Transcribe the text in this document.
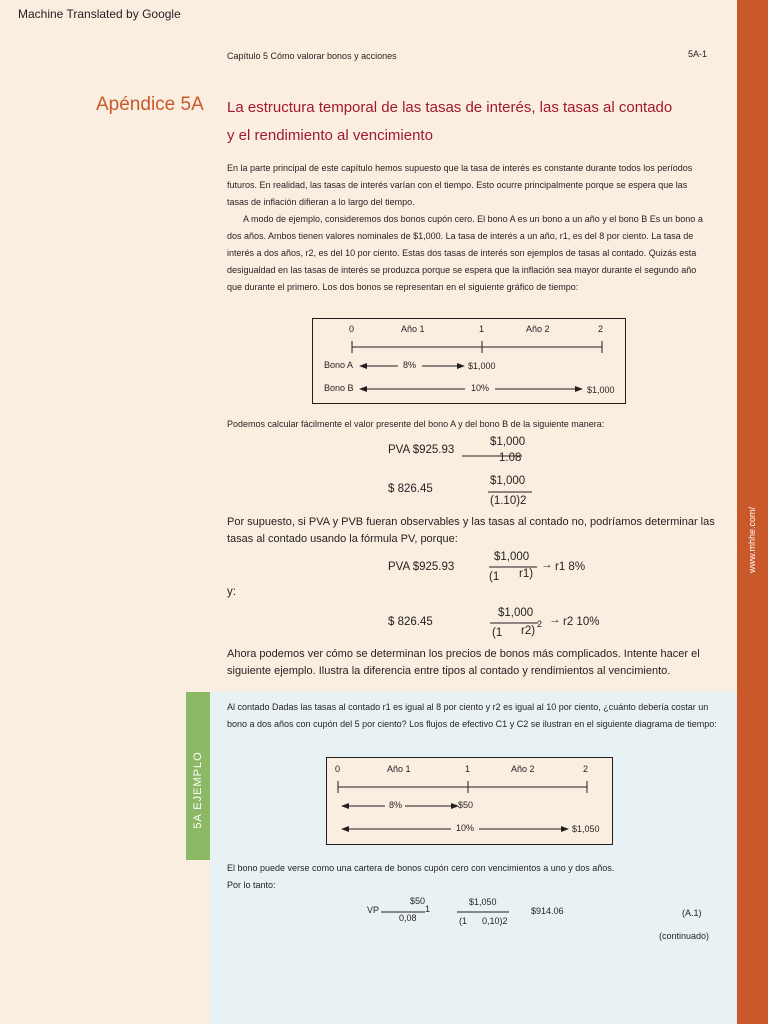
Machine Translated by Google
Capítulo 5 Cómo valorar bonos y acciones	5A-1
www.mhhe.com/
Apéndice 5A La estructura temporal de las tasas de interés, las tasas al contado
y el rendimiento al vencimiento
En la parte principal de este capítulo hemos supuesto que la tasa de interés es constante durante todos los períodos futuros. En realidad, las tasas de interés varían con el tiempo. Esto ocurre principalmente porque se espera que las tasas de inflación difieran a lo largo del tiempo.
A modo de ejemplo, consideremos dos bonos cupón cero. El bono A es un bono a un año y el bono B Es un bono a dos años. Ambos tienen valores nominales de $1,000. La tasa de interés a un año, r1, es del 8 por ciento. La tasa de interés a dos años, r2, es del 10 por ciento. Estas dos tasas de interés son ejemplos de tasas al contado. Quizás esta desigualdad en las tasas de interés se produzca porque se espera que la inflación sea mayor durante el segundo año que durante el primero. Los dos bonos se representan en el siguiente gráfico de tiempo:
0	Año 1	1	Año 2	2
Bono A	8%	$1,000
Bono B	10%	$1,000
Podemos calcular fácilmente el valor presente del bono A y del bono B de la siguiente manera:
PVA $925.93
$1,000
1.08
$ 826.45
$1,000
(1.10)2
Por supuesto, si PVA y PVB fueran observables y las tasas al contado no, podríamos determinar las tasas al contado usando la fórmula PV, porque:
PVA $925.93
$1,000
(1 r1)
→ r1 8%
y:
$ 826.45
$1,000
(1 r2)
2 → r2 10%
Ahora podemos ver cómo se determinan los precios de bonos más complicados. Intente hacer el siguiente ejemplo. Ilustra la diferencia entre tipos al contado y rendimientos al vencimiento.
5A EJEMPLO
Al contado Dadas las tasas al contado r1 es igual al 8 por ciento y r2 es igual al 10 por ciento, ¿cuánto debería costar un bono a dos años con cupón del 5 por ciento? Los flujos de efectivo C1 y C2 se ilustran en el siguiente diagrama de tiempo:
0	Año 1	1	Año 2	2
8%	$50
10%	$1,050
El bono puede verse como una cartera de bonos cupón cero con vencimientos a uno y dos años.
Por lo tanto:
VP
$50
1
0,08
$1,050
(1 0,10)2
$914.06	(A.1)
(continuado)
